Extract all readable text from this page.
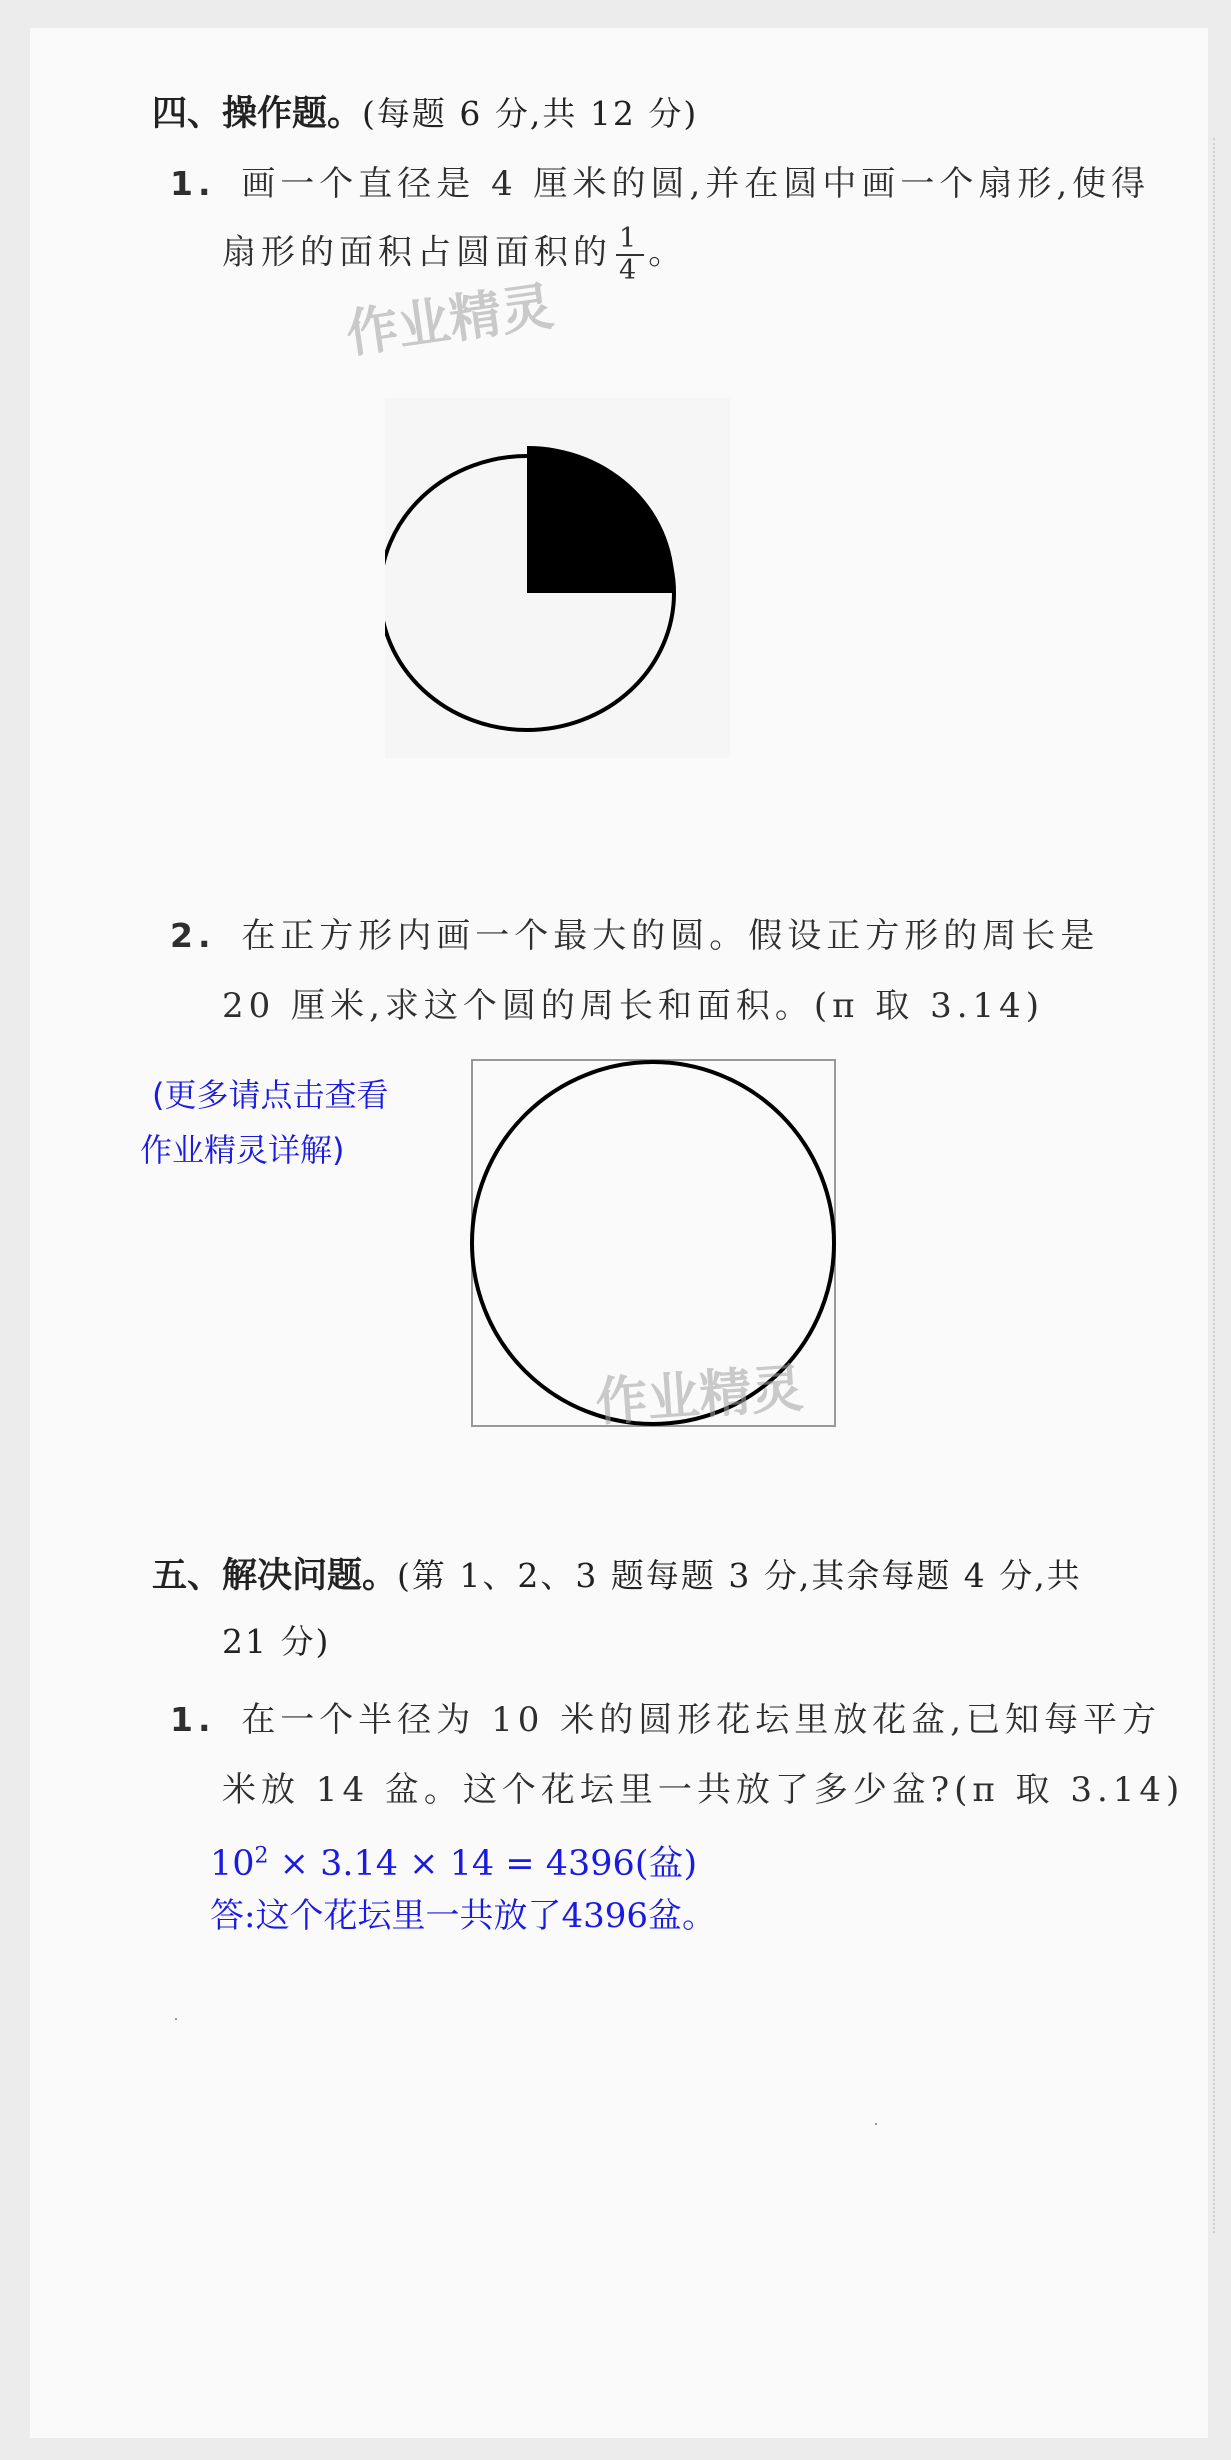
四、操作题。(每题 6 分,共 12 分)
1. 画一个直径是 4 厘米的圆,并在圆中画一个扇形,使得
扇形的面积占圆面积的 $\frac{1}{4}$ 。
作业精灵
2. 在正方形内画一个最大的圆。假设正方形的周长是
20 厘米,求这个圆的周长和面积。(π 取 3.14)
(更多请点击查看
作业精灵详解)
作业精灵
五、解决问题。(第 1、2、3 题每题 3 分,其余每题 4 分,共
21 分)
1. 在一个半径为 10 米的圆形花坛里放花盆,已知每平方
米放 14 盆。这个花坛里一共放了多少盆?(π 取 3.14)
$10^2 \times 3.14 \times 14 = 4396$(盆)
答:这个花坛里一共放了4396盆。
